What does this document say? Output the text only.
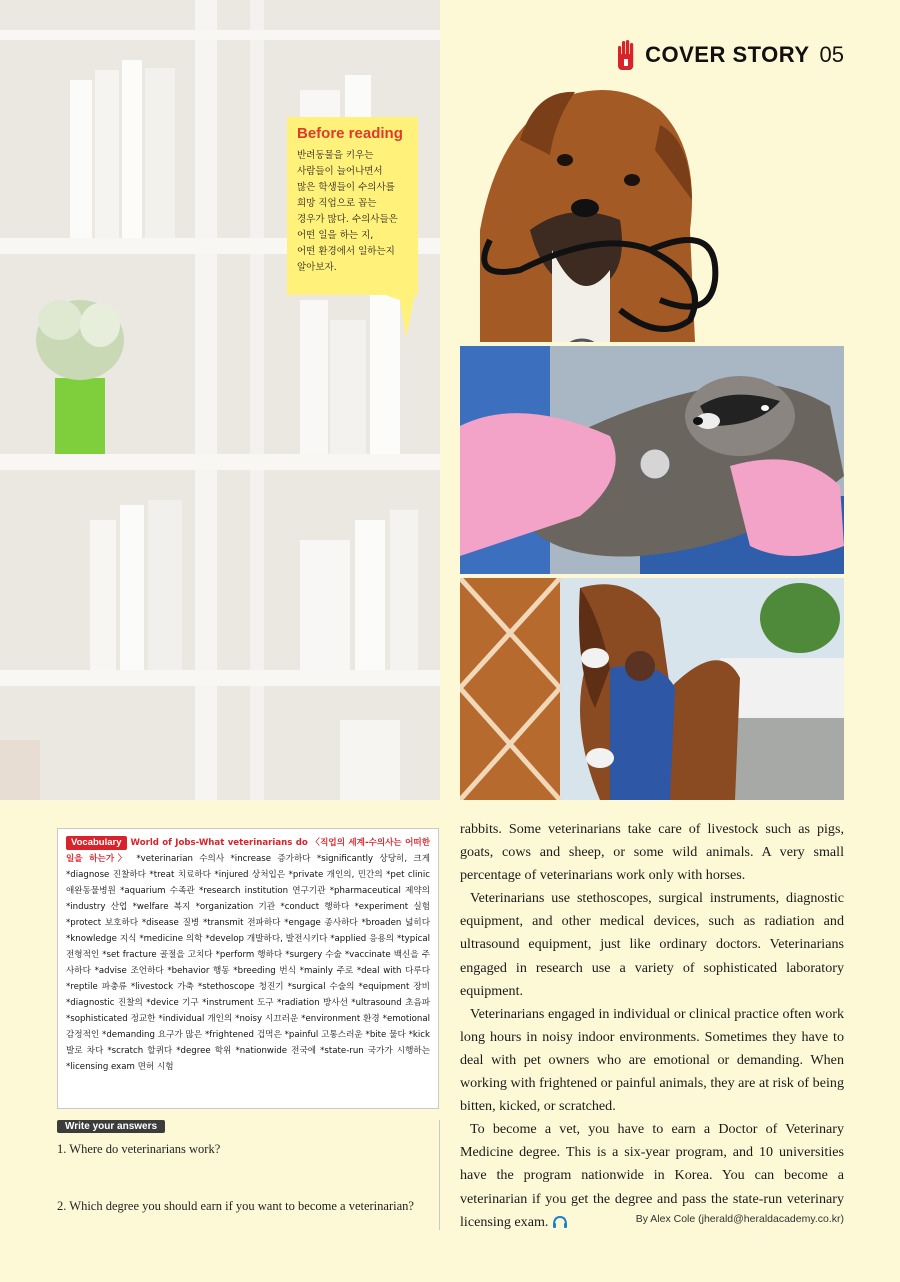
COVER STORY 05
Before reading

반려동물을 키우는
사람들이 늘어나면서
많은 학생들이 수의사를
희망 직업으로 꼽는
경우가 많다. 수의사들은
어떤 일을 하는 지,
어떤 환경에서 일하는지
알아보자.

Vocabulary World of Jobs-What veterinarians do 〈직업의 세계-수의사는 어떠한 일을 하는가〉 *veterinarian 수의사 *increase 증가하다 *significantly 상당히, 크게 *diagnose 진찰하다 *treat 치료하다 *injured 상처입은 *private 개인의, 민간의 *pet clinic 애완동물병원 *aquarium 수족관 *research institution 연구기관 *pharmaceutical 제약의 *industry 산업 *welfare 복지 *organization 기관 *conduct 행하다 *experiment 실험 *protect 보호하다 *disease 질병 *transmit 전파하다 *engage 종사하다 *broaden 넓히다 *knowledge 지식 *medicine 의학 *develop 개발하다, 발전시키다 *applied 응용의 *typical 전형적인 *set fracture 골절을 고치다 *perform 행하다 *surgery 수술 *vaccinate 백신을 주사하다 *advise 조언하다 *behavior 행동 *breeding 번식 *mainly 주로 *deal with 다루다 *reptile 파충류 *livestock 가축 *stethoscope 청진기 *surgical 수술의 *equipment 장비 *diagnostic 진찰의 *device 기구 *instrument 도구 *radiation 방사선 *ultrasound 초음파 *sophisticated 정교한 *individual 개인의 *noisy 시끄러운 *environment 환경 *emotional 감정적인 *demanding 요구가 많은 *frightened 겁먹은 *painful 고통스러운 *bite 물다 *kick 발로 차다 *scratch 할퀴다 *degree 학위 *nationwide 전국에 *state-run 국가가 시행하는 *licensing exam 면허 시험
Write your answers
1. Where do veterinarians work?
2. Which degree you should earn if you want to become a veterinarian?

rabbits. Some veterinarians take care of livestock such as pigs, goats, cows and sheep, or some wild animals. A very small percentage of veterinarians work only with horses.

Veterinarians use stethoscopes, surgical instruments, diagnostic equipment, and other medical devices, such as radiation and ultrasound equipment, just like ordinary doctors. Veterinarians engaged in research use a variety of sophisticated laboratory equipment.

Veterinarians engaged in individual or clinical practice often work long hours in noisy indoor environments. Sometimes they have to deal with pet owners who are emotional or demanding. When working with frightened or painful animals, they are at risk of being bitten, kicked, or scratched.

To become a vet, you have to earn a Doctor of Veterinary Medicine degree. This is a six-year program, and 10 universities have the program nationwide in Korea. You can become a veterinarian if you get the degree and pass the state-run veterinary licensing exam.	By Alex Cole (jherald@heraldacademy.co.kr)
